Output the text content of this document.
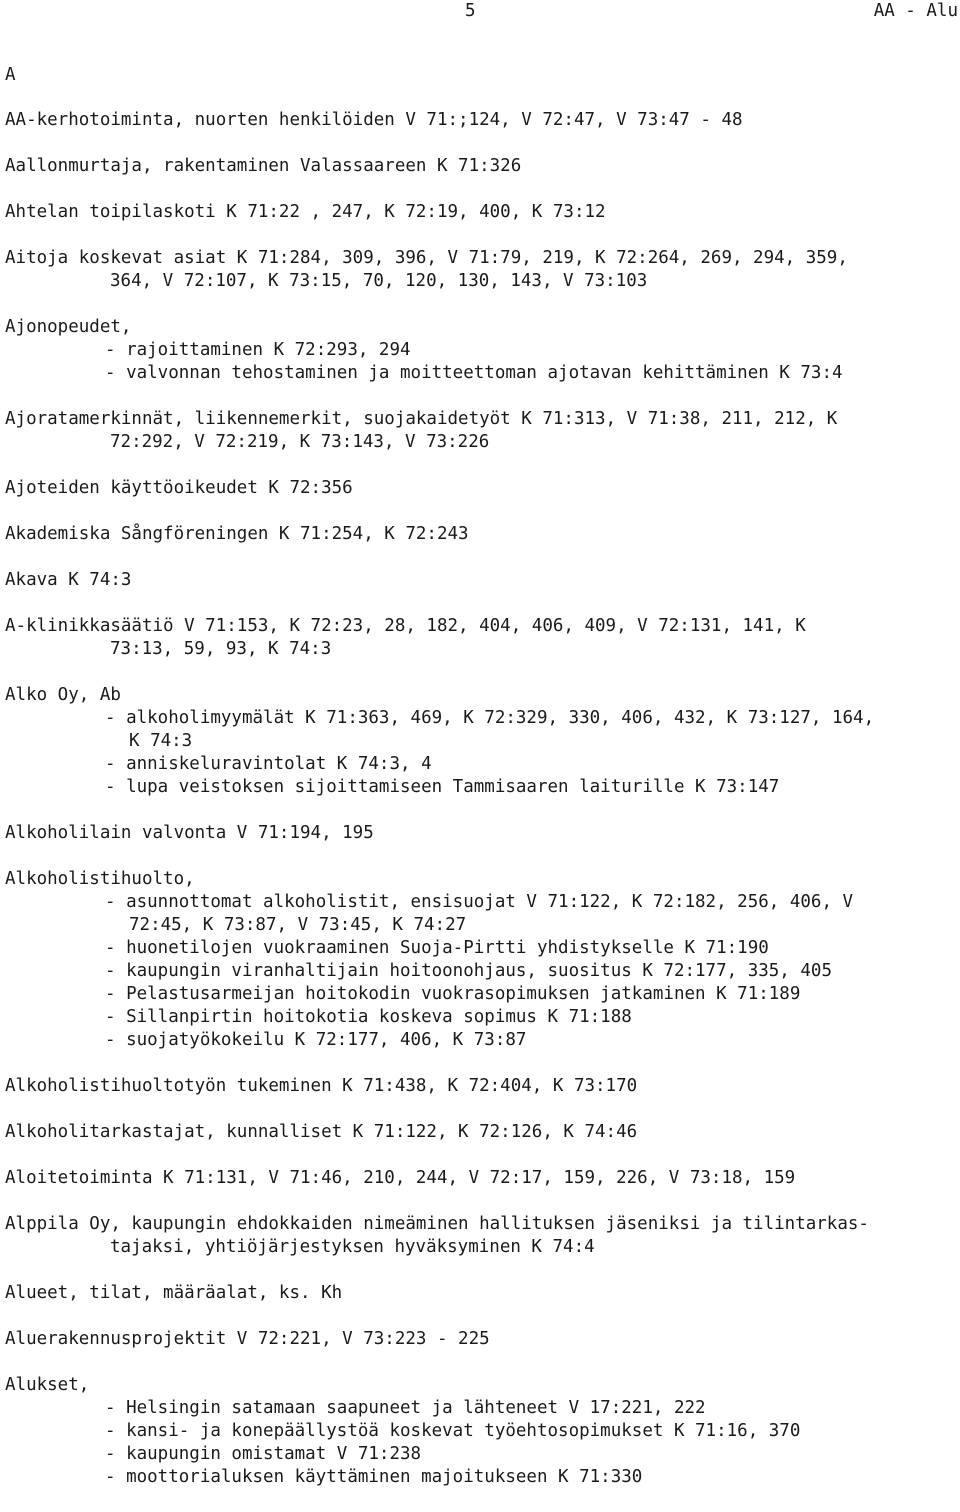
5	AA - Alu
A
AA-kerhotoiminta, nuorten henkilöiden V 71:;124, V 72:47, V 73:47 - 48
Aallonmurtaja, rakentaminen Valassaareen K 71:326
Ahtelan toipilaskoti K 71:22 , 247, K 72:19, 400, K 73:12
Aitoja koskevat asiat K 71:284, 309, 396, V 71:79, 219, K 72:264, 269, 294, 359,
364, V 72:107, K 73:15, 70, 120, 130, 143, V 73:103
Ajonopeudet,
- rajoittaminen K 72:293, 294
- valvonnan tehostaminen ja moitteettoman ajotavan kehittäminen K 73:4
Ajoratamerkinnät, liikennemerkit, suojakaidetyöt K 71:313, V 71:38, 211, 212, K
72:292, V 72:219, K 73:143, V 73:226
Ajoteiden käyttöoikeudet K 72:356
Akademiska Sångföreningen K 71:254, K 72:243
Akava K 74:3
A-klinikkasäätiö V 71:153, K 72:23, 28, 182, 404, 406, 409, V 72:131, 141, K
73:13, 59, 93, K 74:3
Alko Oy, Ab
- alkoholimyymälät K 71:363, 469, K 72:329, 330, 406, 432, K 73:127, 164,
K 74:3
- anniskeluravintolat K 74:3, 4
- lupa veistoksen sijoittamiseen Tammisaaren laiturille K 73:147
Alkoholilain valvonta V 71:194, 195
Alkoholistihuolto,
- asunnottomat alkoholistit, ensisuojat V 71:122, K 72:182, 256, 406, V
72:45, K 73:87, V 73:45, K 74:27
- huonetilojen vuokraaminen Suoja-Pirtti yhdistykselle K 71:190
- kaupungin viranhaltijain hoitoonohjaus, suositus K 72:177, 335, 405
- Pelastusarmeijan hoitokodin vuokrasopimuksen jatkaminen K 71:189
- Sillanpirtin hoitokotia koskeva sopimus K 71:188
- suojatyökokeilu K 72:177, 406, K 73:87
Alkoholistihuoltotyön tukeminen K 71:438, K 72:404, K 73:170
Alkoholitarkastajat, kunnalliset K 71:122, K 72:126, K 74:46
Aloitetoiminta K 71:131, V 71:46, 210, 244, V 72:17, 159, 226, V 73:18, 159
Alppila Oy, kaupungin ehdokkaiden nimeäminen hallituksen jäseniksi ja tilintarkas-
tajaksi, yhtiöjärjestyksen hyväksyminen K 74:4
Alueet, tilat, määräalat, ks. Kh
Aluerakennusprojektit V 72:221, V 73:223 - 225
Alukset,
- Helsingin satamaan saapuneet ja lähteneet V 17:221, 222
- kansi- ja konepäällystöä koskevat työehtosopimukset K 71:16, 370
- kaupungin omistamat V 71:238
- moottorialuksen käyttäminen majoitukseen K 71:330
